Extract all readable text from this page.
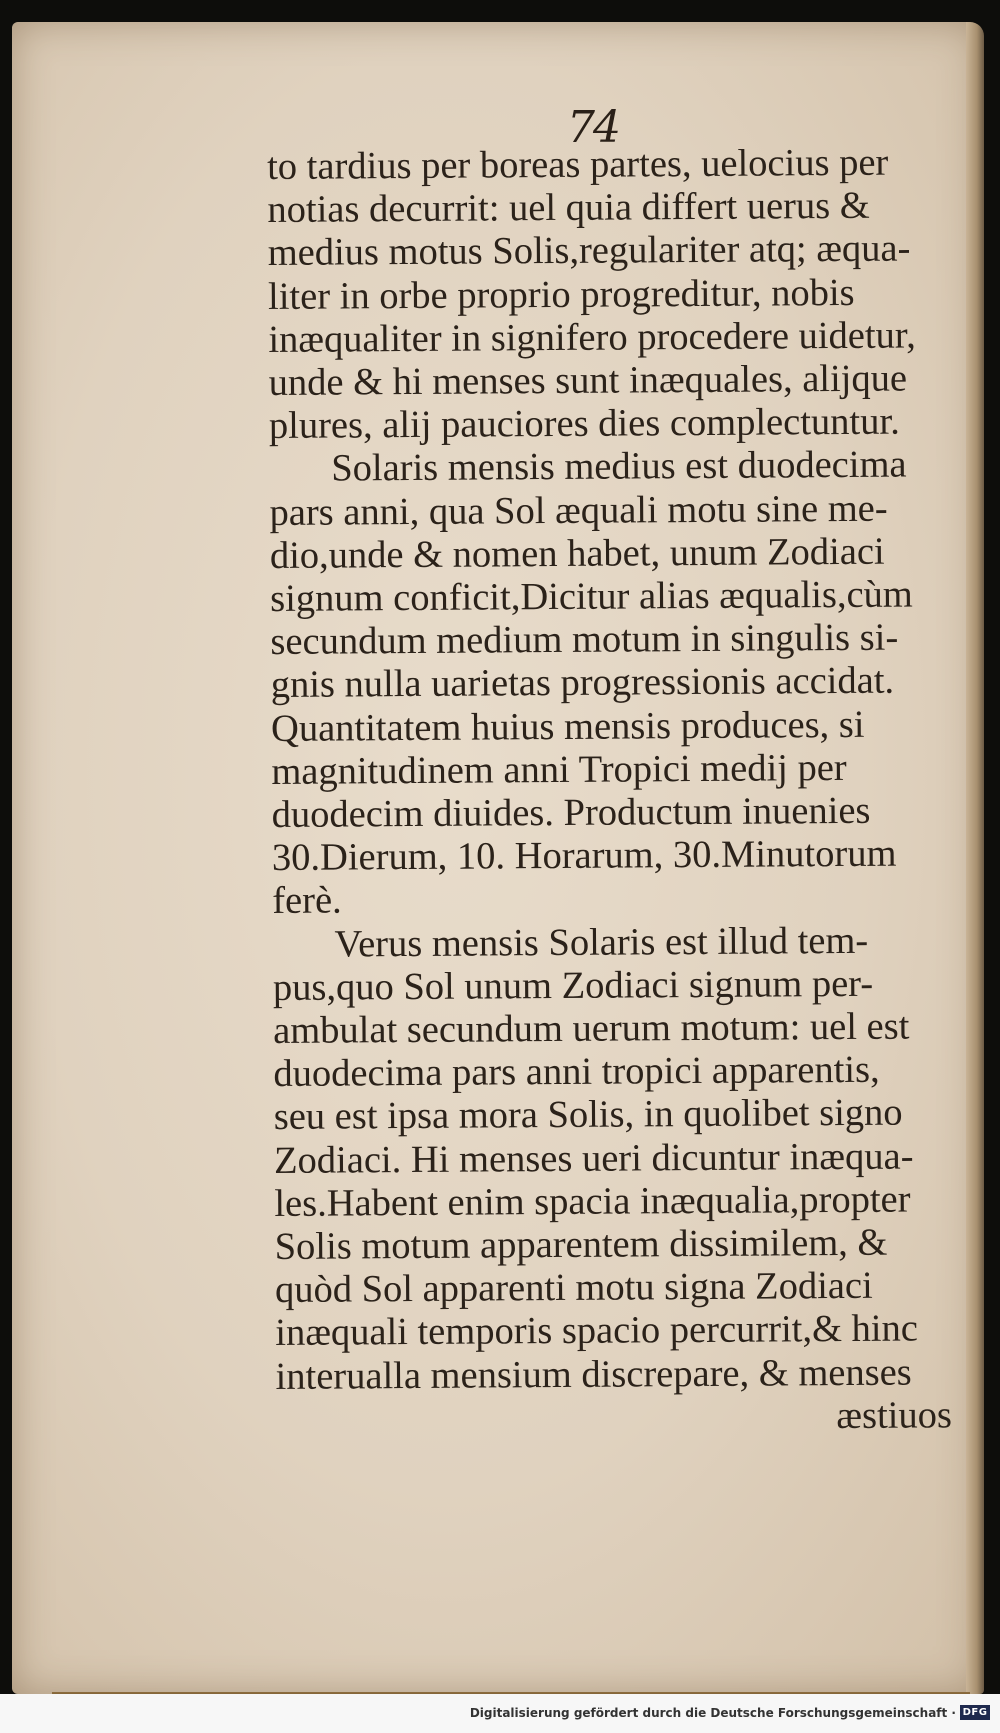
74
to tardius per boreas partes, uelocius per
notias decurrit: uel quia differt uerus &
medius motus Solis,regulariter atq; æqua-
liter in orbe proprio progreditur, nobis
inæqualiter in signifero procedere uidetur,
unde & hi menses sunt inæquales, alijque
plures, alij pauciores dies complectuntur.
Solaris mensis medius est duodecima
pars anni, qua Sol æquali motu sine me-
dio,unde & nomen habet, unum Zodiaci
signum conficit,Dicitur alias æqualis,cùm
secundum medium motum in singulis si-
gnis nulla uarietas progressionis accidat.
Quantitatem huius mensis produces, si
magnitudinem anni Tropici medij per
duodecim diuides. Productum inuenies
30.Dierum, 10. Horarum, 30.Minutorum
ferè.
Verus mensis Solaris est illud tem-
pus,quo Sol unum Zodiaci signum per-
ambulat secundum uerum motum: uel est
duodecima pars anni tropici apparentis,
seu est ipsa mora Solis, in quolibet signo
Zodiaci. Hi menses ueri dicuntur inæqua-
les.Habent enim spacia inæqualia,propter
Solis motum apparentem dissimilem, &
quòd Sol apparenti motu signa Zodiaci
inæquali temporis spacio percurrit,& hinc
interualla mensium discrepare, & menses
æstiuos
Digitalisierung gefördert durch die Deutsche Forschungsgemeinschaft · DFG
